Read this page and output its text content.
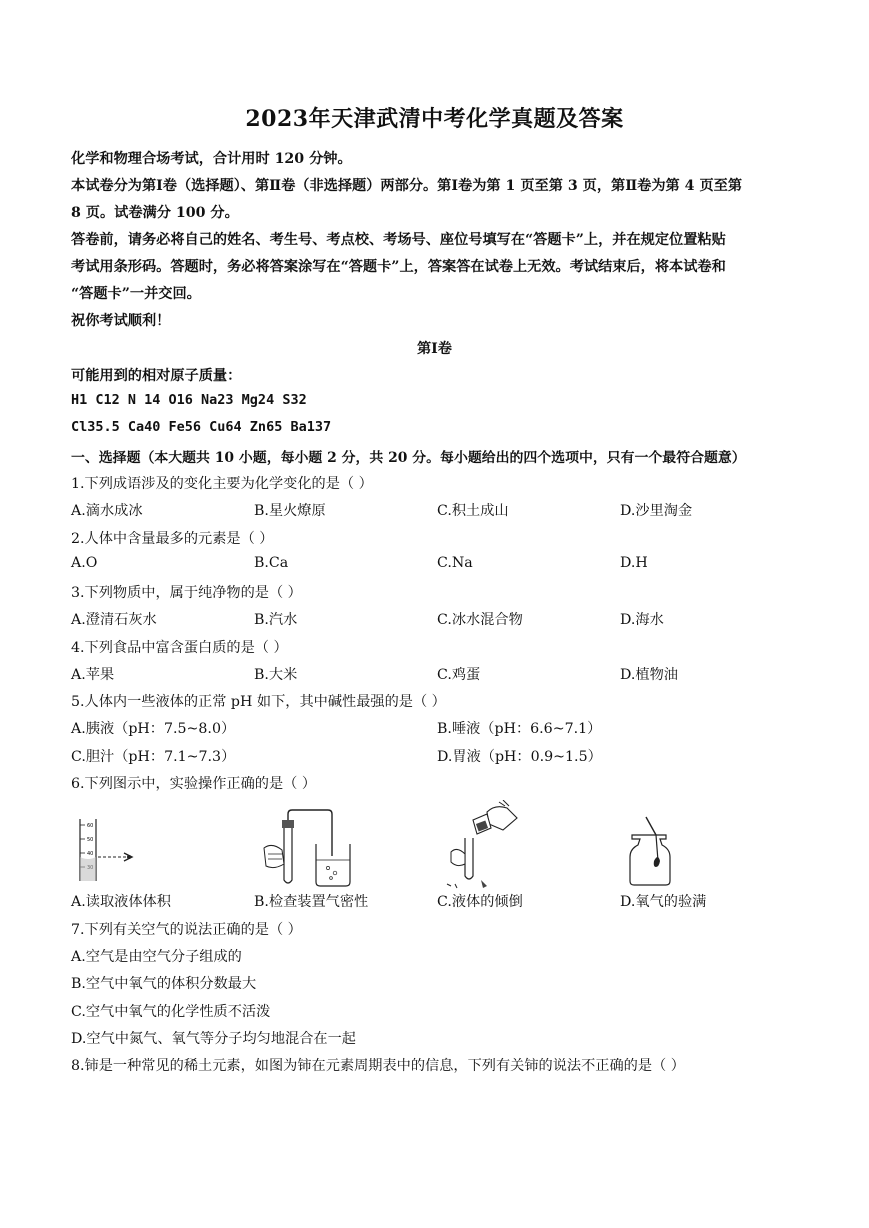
2023年天津武清中考化学真题及答案
化学和物理合场考试，合计用时 120 分钟。
本试卷分为第Ⅰ卷（选择题）、第Ⅱ卷（非选择题）两部分。第Ⅰ卷为第 1 页至第 3 页，第Ⅱ卷为第 4 页至第
8 页。试卷满分 100 分。
答卷前，请务必将自己的姓名、考生号、考点校、考场号、座位号填写在“答题卡”上，并在规定位置粘贴
考试用条形码。答题时，务必将答案涂写在“答题卡”上，答案答在试卷上无效。考试结束后，将本试卷和
“答题卡”一并交回。
祝你考试顺利！
第Ⅰ卷
可能用到的相对原子质量：
H1 C12 N 14 O16 Na23 Mg24 S32
Cl35.5 Ca40 Fe56 Cu64 Zn65 Ba137
一、选择题（本大题共 10 小题，每小题 2 分，共 20 分。每小题给出的四个选项中，只有一个最符合题意）
1.下列成语涉及的变化主要为化学变化的是（ ）
A.滴水成冰	B.星火燎原	C.积土成山	D.沙里淘金
2.人体中含量最多的元素是（ ）
A.O	B.Ca	C.Na	D.H
3.下列物质中，属于纯净物的是（ ）
A.澄清石灰水	B.汽水	C.冰水混合物	D.海水
4.下列食品中富含蛋白质的是（ ）
A.苹果	B.大米	C.鸡蛋	D.植物油
5.人体内一些液体的正常 pH 如下，其中碱性最强的是（ ）
A.胰液（pH：7.5~8.0）	B.唾液（pH：6.6~7.1）
C.胆汁（pH：7.1~7.3）	D.胃液（pH：0.9~1.5）
6.下列图示中，实验操作正确的是（ ）
60
50
40
A.读取液体体积	B.检查装置气密性	C.液体的倾倒	D.氧气的验满
7.下列有关空气的说法正确的是（ ）
A.空气是由空气分子组成的
B.空气中氧气的体积分数最大
C.空气中氧气的化学性质不活泼
D.空气中氮气、氧气等分子均匀地混合在一起
8.铈是一种常见的稀土元素，如图为铈在元素周期表中的信息，下列有关铈的说法不正确的是（ ）
